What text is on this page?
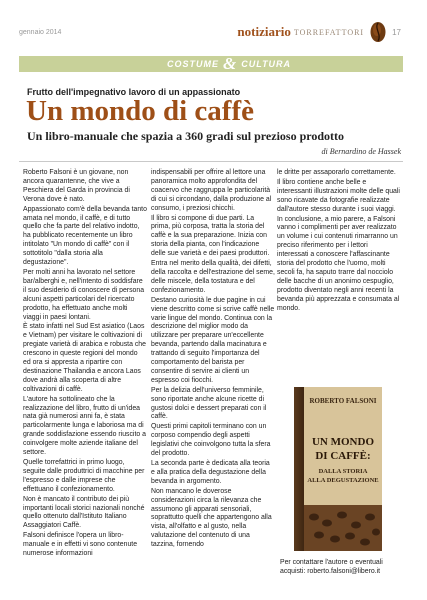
gennaio 2014	notiziario TORREFATTORI	17
COSTUME & CULTURA
Frutto dell'impegnativo lavoro di un appassionato
Un mondo di caffè
Un libro-manuale che spazia a 360 gradi sul prezioso prodotto
di Bernardino de Hassek

Roberto Falsoni è un giovane, non ancora quarantenne, che vive a Peschiera del Garda in provincia di Verona dove è nato.

Appassionato com'è della bevanda tanto amata nel mondo, il caffè, e di tutto quello che fa parte del relativo indotto, ha pubblicato recentemente un libro intitolato "Un mondo di caffè" con il sottotitolo "dalla storia alla degustazione".

Per molti anni ha lavorato nel settore bar/alberghi e, nell'intento di soddisfare il suo desiderio di conoscere di persona alcuni aspetti particolari del ricercato prodotto, ha effettuato anche molti viaggi in paesi lontani.

È stato infatti nel Sud Est asiatico (Laos e Vietnam) per visitare le coltivazioni di pregiate varietà di arabica e robusta che crescono in queste regioni del mondo ed ora si appresta a ripartire con destinazione Thailandia e ancora Laos dove andrà alla scoperta di altre coltivazioni di caffè.

L'autore ha sottolineato che la realizzazione del libro, frutto di un'idea nata già numerosi anni fa, è stata particolarmente lunga e laboriosa ma di grande soddisfazione essendo riuscito a coinvolgere molte aziende italiane del settore.

Quelle torrefattrici in primo luogo, seguite dalle produttrici di macchine per l'espresso e dalle imprese che effettuano il confezionamento.

Non è mancato il contributo dei più importanti locali storici nazionali nonché quello ottenuto dall'Istituto Italiano Assaggiatori Caffè.

Falsoni definisce l'opera un libro-manuale e in effetti vi sono contenute numerose informazioni

indispensabili per offrire al lettore una panoramica molto approfondita del coacervo che raggruppa le particolarità di cui si circondano, dalla produzione al consumo, i preziosi chicchi.

Il libro si compone di due parti. La prima, più corposa, tratta la storia del caffè e la sua preparazione. Inizia con storia della pianta, con l'indicazione delle sue varietà e dei paesi produttori.

Entra nel merito della qualità, dei difetti, della raccolta e dell'estrazione del seme, delle miscele, della tostatura e del confezionamento.

Destano curiosità le due pagine in cui viene descritto come si scrive caffè nelle varie lingue del mondo. Continua con la descrizione del miglior modo da utilizzare per preparare un'eccellente bevanda, partendo dalla macinatura e trattando di seguito l'importanza del comportamento del barista per consentire di servire ai clienti un espresso coi fiocchi.

Per la delizia dell'universo femminile, sono riportate anche alcune ricette di gustosi dolci e dessert preparati con il caffè.

Questi primi capitoli terminano con un corposo compendio degli aspetti legislativi che coinvolgono tutta la sfera del prodotto.

La seconda parte è dedicata alla teoria e alla pratica della degustazione della bevanda in argomento.

Non mancano le doverose considerazioni circa la rilevanza che assumono gli apparati sensoriali, soprattutto quelli che appartengono alla vista, all'olfatto e al gusto, nella valutazione del contenuto di una tazzina, fornendo

le dritte per assaporarlo correttamente.

Il libro contiene anche belle e interessanti illustrazioni molte delle quali sono ricavate da fotografie realizzate dall'autore stesso durante i suoi viaggi.

In conclusione, a mio parere, a Falsoni vanno i complimenti per aver realizzato un volume i cui contenuti rimarranno un preciso riferimento per i lettori interessati a conoscere l'affascinante storia del prodotto che l'uomo, molti secoli fa, ha saputo trarre dal nocciolo delle bacche di un anonimo cespuglio, prodotto diventato negli anni recenti la bevanda più apprezzata e consumata al mondo.

ROBERTO FALSONI
UN MONDO
DI CAFFÈ:
DALLA STORIA
ALLA DEGUSTAZIONE
Per contattare l'autore o eventuali acquisti: roberto.falsoni@libero.it
